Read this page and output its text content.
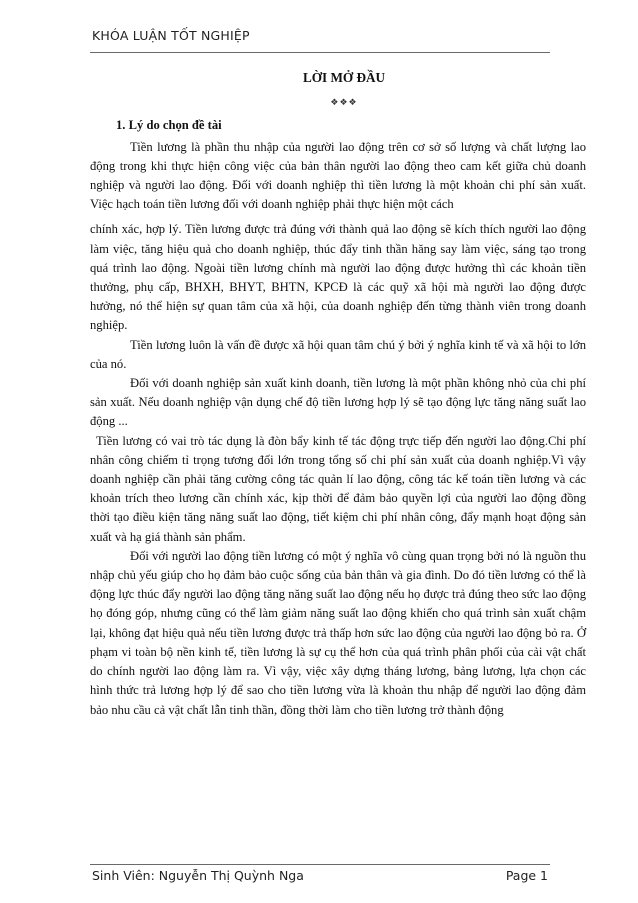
KHÓA LUẬN TỐT NGHIỆP

LỜI MỞ ĐẦU

❖❖❖

1. Lý do chọn đề tài

Tiền lương là phần thu nhập của người lao động trên cơ sở số lượng và chất lượng lao động trong khi thực hiện công việc của bản thân người lao động theo cam kết giữa chủ doanh nghiệp và người lao động. Đối với doanh nghiệp thì tiền lương là một khoản chi phí sản xuất. Việc hạch toán tiền lương đối với doanh nghiệp phải thực hiện một cách

chính xác, hợp lý. Tiền lương được trả đúng với thành quả lao động sẽ kích thích người lao động làm việc, tăng hiệu quả cho doanh nghiệp, thúc đẩy tinh thần hăng say làm việc, sáng tạo trong quá trình lao động. Ngoài tiền lương chính mà người lao động được hưởng thì các khoản tiền thưởng, phụ cấp, BHXH, BHYT, BHTN, KPCĐ là các quỹ xã hội mà người lao động được hưởng, nó thể hiện sự quan tâm của xã hội, của doanh nghiệp đến từng thành viên trong doanh nghiệp.

Tiền lương luôn là vấn đề được xã hội quan tâm chú ý bởi ý nghĩa kinh tế và xã hội to lớn của nó.

Đối với doanh nghiệp sản xuất kinh doanh, tiền lương là một phần không nhỏ của chi phí sản xuất. Nếu doanh nghiệp vận dụng chế độ tiền lương hợp lý sẽ tạo động lực tăng năng suất lao động ...

Tiền lương có vai trò tác dụng là đòn bẩy kinh tế tác động trực tiếp đến người lao động.Chi phí nhân công chiếm tỉ trọng tương đối lớn trong tổng số chi phí sản xuất của doanh nghiệp.Vì vậy doanh nghiệp cần phải tăng cường công tác quản lí lao động, công tác kế toán tiền lương và các khoản trích theo lương cần chính xác, kịp thời để đảm bảo quyền lợi của người lao động đồng thời tạo điều kiện tăng năng suất lao động, tiết kiệm chi phí nhân công, đẩy mạnh hoạt động sản xuất và hạ giá thành sản phẩm.

Đối với người lao động tiền lương có một ý nghĩa vô cùng quan trọng bởi nó là nguồn thu nhập chủ yếu giúp cho họ đảm bảo cuộc sống của bản thân và gia đình. Do đó tiền lương có thể là động lực thúc đẩy người lao động tăng năng suất lao động nếu họ được trả đúng theo sức lao động họ đóng góp, nhưng cũng có thể làm giảm năng suất lao động khiến cho quá trình sản xuất chậm lại, không đạt hiệu quả nếu tiền lương được trả thấp hơn sức lao động của người lao động bỏ ra. Ở phạm vi toàn bộ nền kinh tế, tiền lương là sự cụ thể hơn của quá trình phân phối của cải vật chất do chính người lao động làm ra. Vì vậy, việc xây dựng tháng lương, bảng lương, lựa chọn các hình thức trả lương hợp lý để sao cho tiền lương vừa là khoản thu nhập để người lao động đảm bảo nhu cầu cả vật chất lẫn tinh thần, đồng thời làm cho tiền lương trở thành động

Sinh Viên: Nguyễn Thị Quỳnh Nga	Page 1
